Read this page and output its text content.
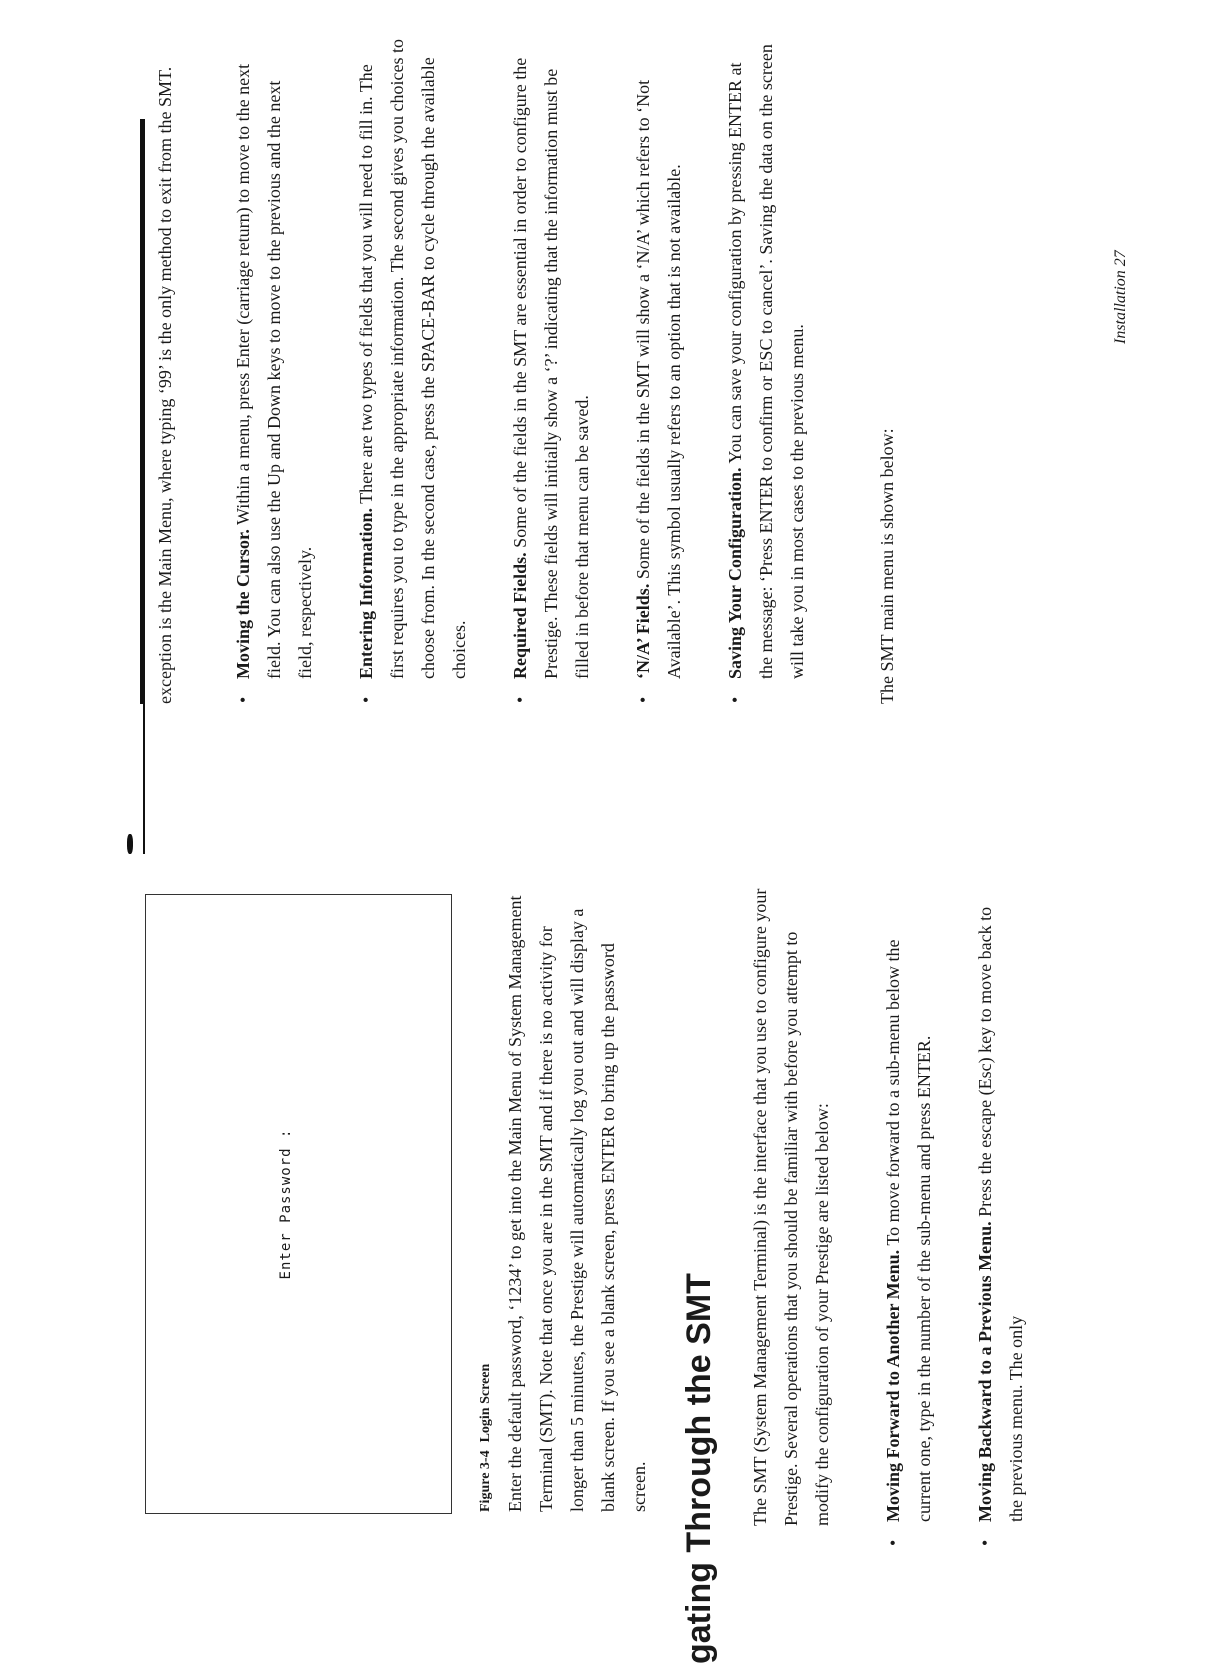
Enter Password :
Figure 3-4Login Screen Enter the default password, ‘1234’ to get into the Main Menu of System Management Terminal (SMT). Note that once you are in the SMT and if there is no activity for longer than 5 minutes, the Prestige will automatically log you out and will display a blank screen. If you see a blank screen, press ENTER to bring up the password screen. gating Through the SMT The SMT (System Management Terminal) is the interface that you use to configure your Prestige. Several operations that you should be familiar with before you attempt to modify the configuration of your Prestige are listed below:

•
Moving Forward to Another Menu. To move forward to a sub-menu below the current one, type in the number of the sub-menu and press ENTER.
•
Moving Backward to a Previous Menu. Press the escape (Esc) key to move back to the previous menu. The only

exception is the Main Menu, where typing ‘99’ is the only method to exit from the SMT.	•
Moving the Cursor. Within a menu, press Enter (carriage return) to move to the next field. You can also use the Up and Down keys to move to the previous and the next field, respectively.
•
Entering Information. There are two types of fields that you will need to fill in. The first requires you to type in the appropriate information. The second gives you choices to choose from. In the second case, press the SPACE-BAR to cycle through the available choices.
•
Required Fields. Some of the fields in the SMT are essential in order to configure the Prestige. These fields will initially show a ‘?’ indicating that the information must be filled in before that menu can be saved.
•
‘N/A’ Fields. Some of the fields in the SMT will show a ‘N/A’ which refers to ‘Not Available’. This symbol usually refers to an option that is not available.
•
Saving Your Configuration. You can save your configuration by pressing ENTER at the message: ‘Press ENTER to confirm or ESC to cancel’. Saving the data on the screen will take you in most cases to the previous menu.	The SMT main menu is shown below:

Installation 27
